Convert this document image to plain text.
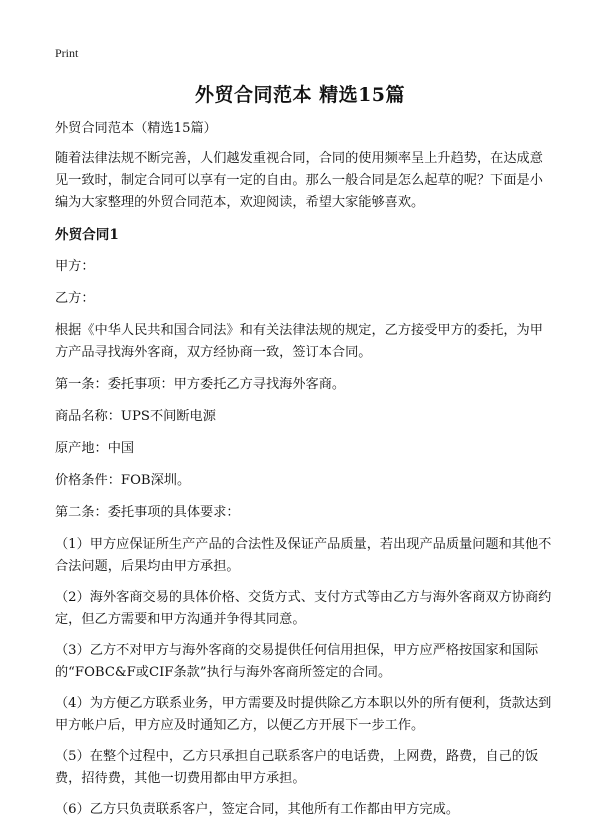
Print
外贸合同范本 精选15篇

外贸合同范本（精选15篇）

随着法律法规不断完善，人们越发重视合同，合同的使用频率呈上升趋势，在达成意见一致时，制定合同可以享有一定的自由。那么一般合同是怎么起草的呢？下面是小编为大家整理的外贸合同范本，欢迎阅读，希望大家能够喜欢。

外贸合同1

甲方：

乙方：

根据《中华人民共和国合同法》和有关法律法规的规定，乙方接受甲方的委托，为甲方产品寻找海外客商，双方经协商一致，签订本合同。

第一条：委托事项：甲方委托乙方寻找海外客商。

商品名称：UPS不间断电源

原产地：中国

价格条件：FOB深圳。

第二条：委托事项的具体要求：

（1）甲方应保证所生产产品的合法性及保证产品质量，若出现产品质量问题和其他不合法问题，后果均由甲方承担。

（2）海外客商交易的具体价格、交货方式、支付方式等由乙方与海外客商双方协商约定，但乙方需要和甲方沟通并争得其同意。

（3）乙方不对甲方与海外客商的交易提供任何信用担保，甲方应严格按国家和国际的“FOBC&F或CIF条款”执行与海外客商所签定的合同。

（4）为方便乙方联系业务，甲方需要及时提供除乙方本职以外的所有便利，货款达到甲方帐户后，甲方应及时通知乙方，以便乙方开展下一步工作。

（5）在整个过程中，乙方只承担自己联系客户的电话费，上网费，路费，自己的饭费，招待费，其他一切费用都由甲方承担。

（6）乙方只负责联系客户，签定合同，其他所有工作都由甲方完成。
